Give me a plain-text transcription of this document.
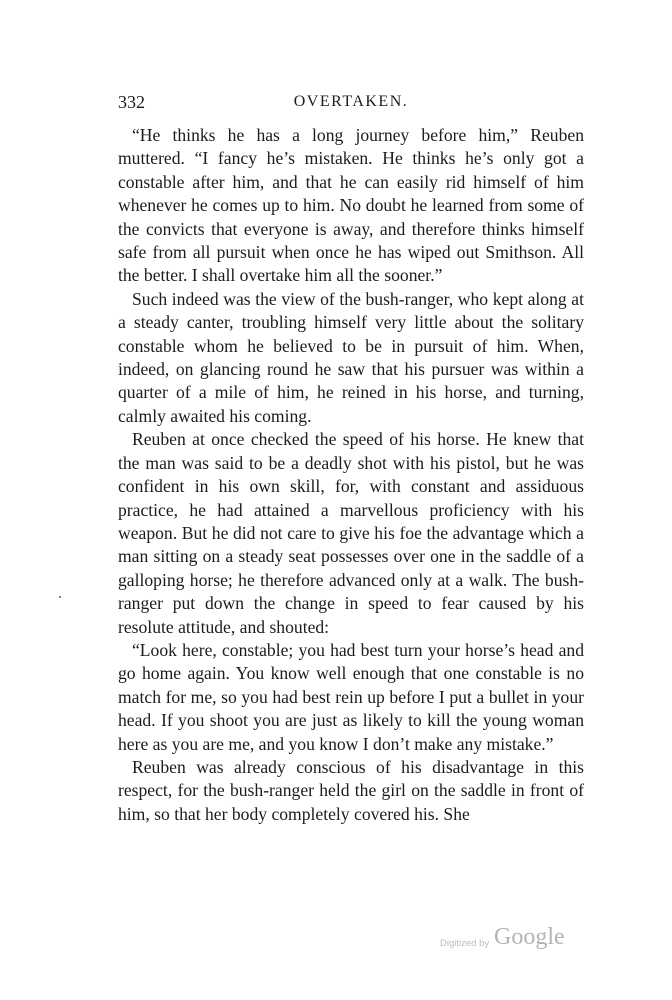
332	OVERTAKEN.

“He thinks he has a long journey before him,” Reuben muttered. “I fancy he’s mistaken. He thinks he’s only got a constable after him, and that he can easily rid himself of him whenever he comes up to him. No doubt he learned from some of the convicts that everyone is away, and therefore thinks himself safe from all pursuit when once he has wiped out Smithson. All the better. I shall overtake him all the sooner.”

Such indeed was the view of the bush-ranger, who kept along at a steady canter, troubling himself very little about the solitary constable whom he believed to be in pursuit of him. When, indeed, on glancing round he saw that his pursuer was within a quarter of a mile of him, he reined in his horse, and turning, calmly awaited his coming.

Reuben at once checked the speed of his horse. He knew that the man was said to be a deadly shot with his pistol, but he was confident in his own skill, for, with constant and assiduous practice, he had attained a marvellous proficiency with his weapon. But he did not care to give his foe the advantage which a man sitting on a steady seat possesses over one in the saddle of a galloping horse; he therefore advanced only at a walk. The bush-ranger put down the change in speed to fear caused by his resolute attitude, and shouted:

“Look here, constable; you had best turn your horse’s head and go home again. You know well enough that one constable is no match for me, so you had best rein up before I put a bullet in your head. If you shoot you are just as likely to kill the young woman here as you are me, and you know I don’t make any mistake.”

Reuben was already conscious of his disadvantage in this respect, for the bush-ranger held the girl on the saddle in front of him, so that her body completely covered his. She

Digitized by Google
